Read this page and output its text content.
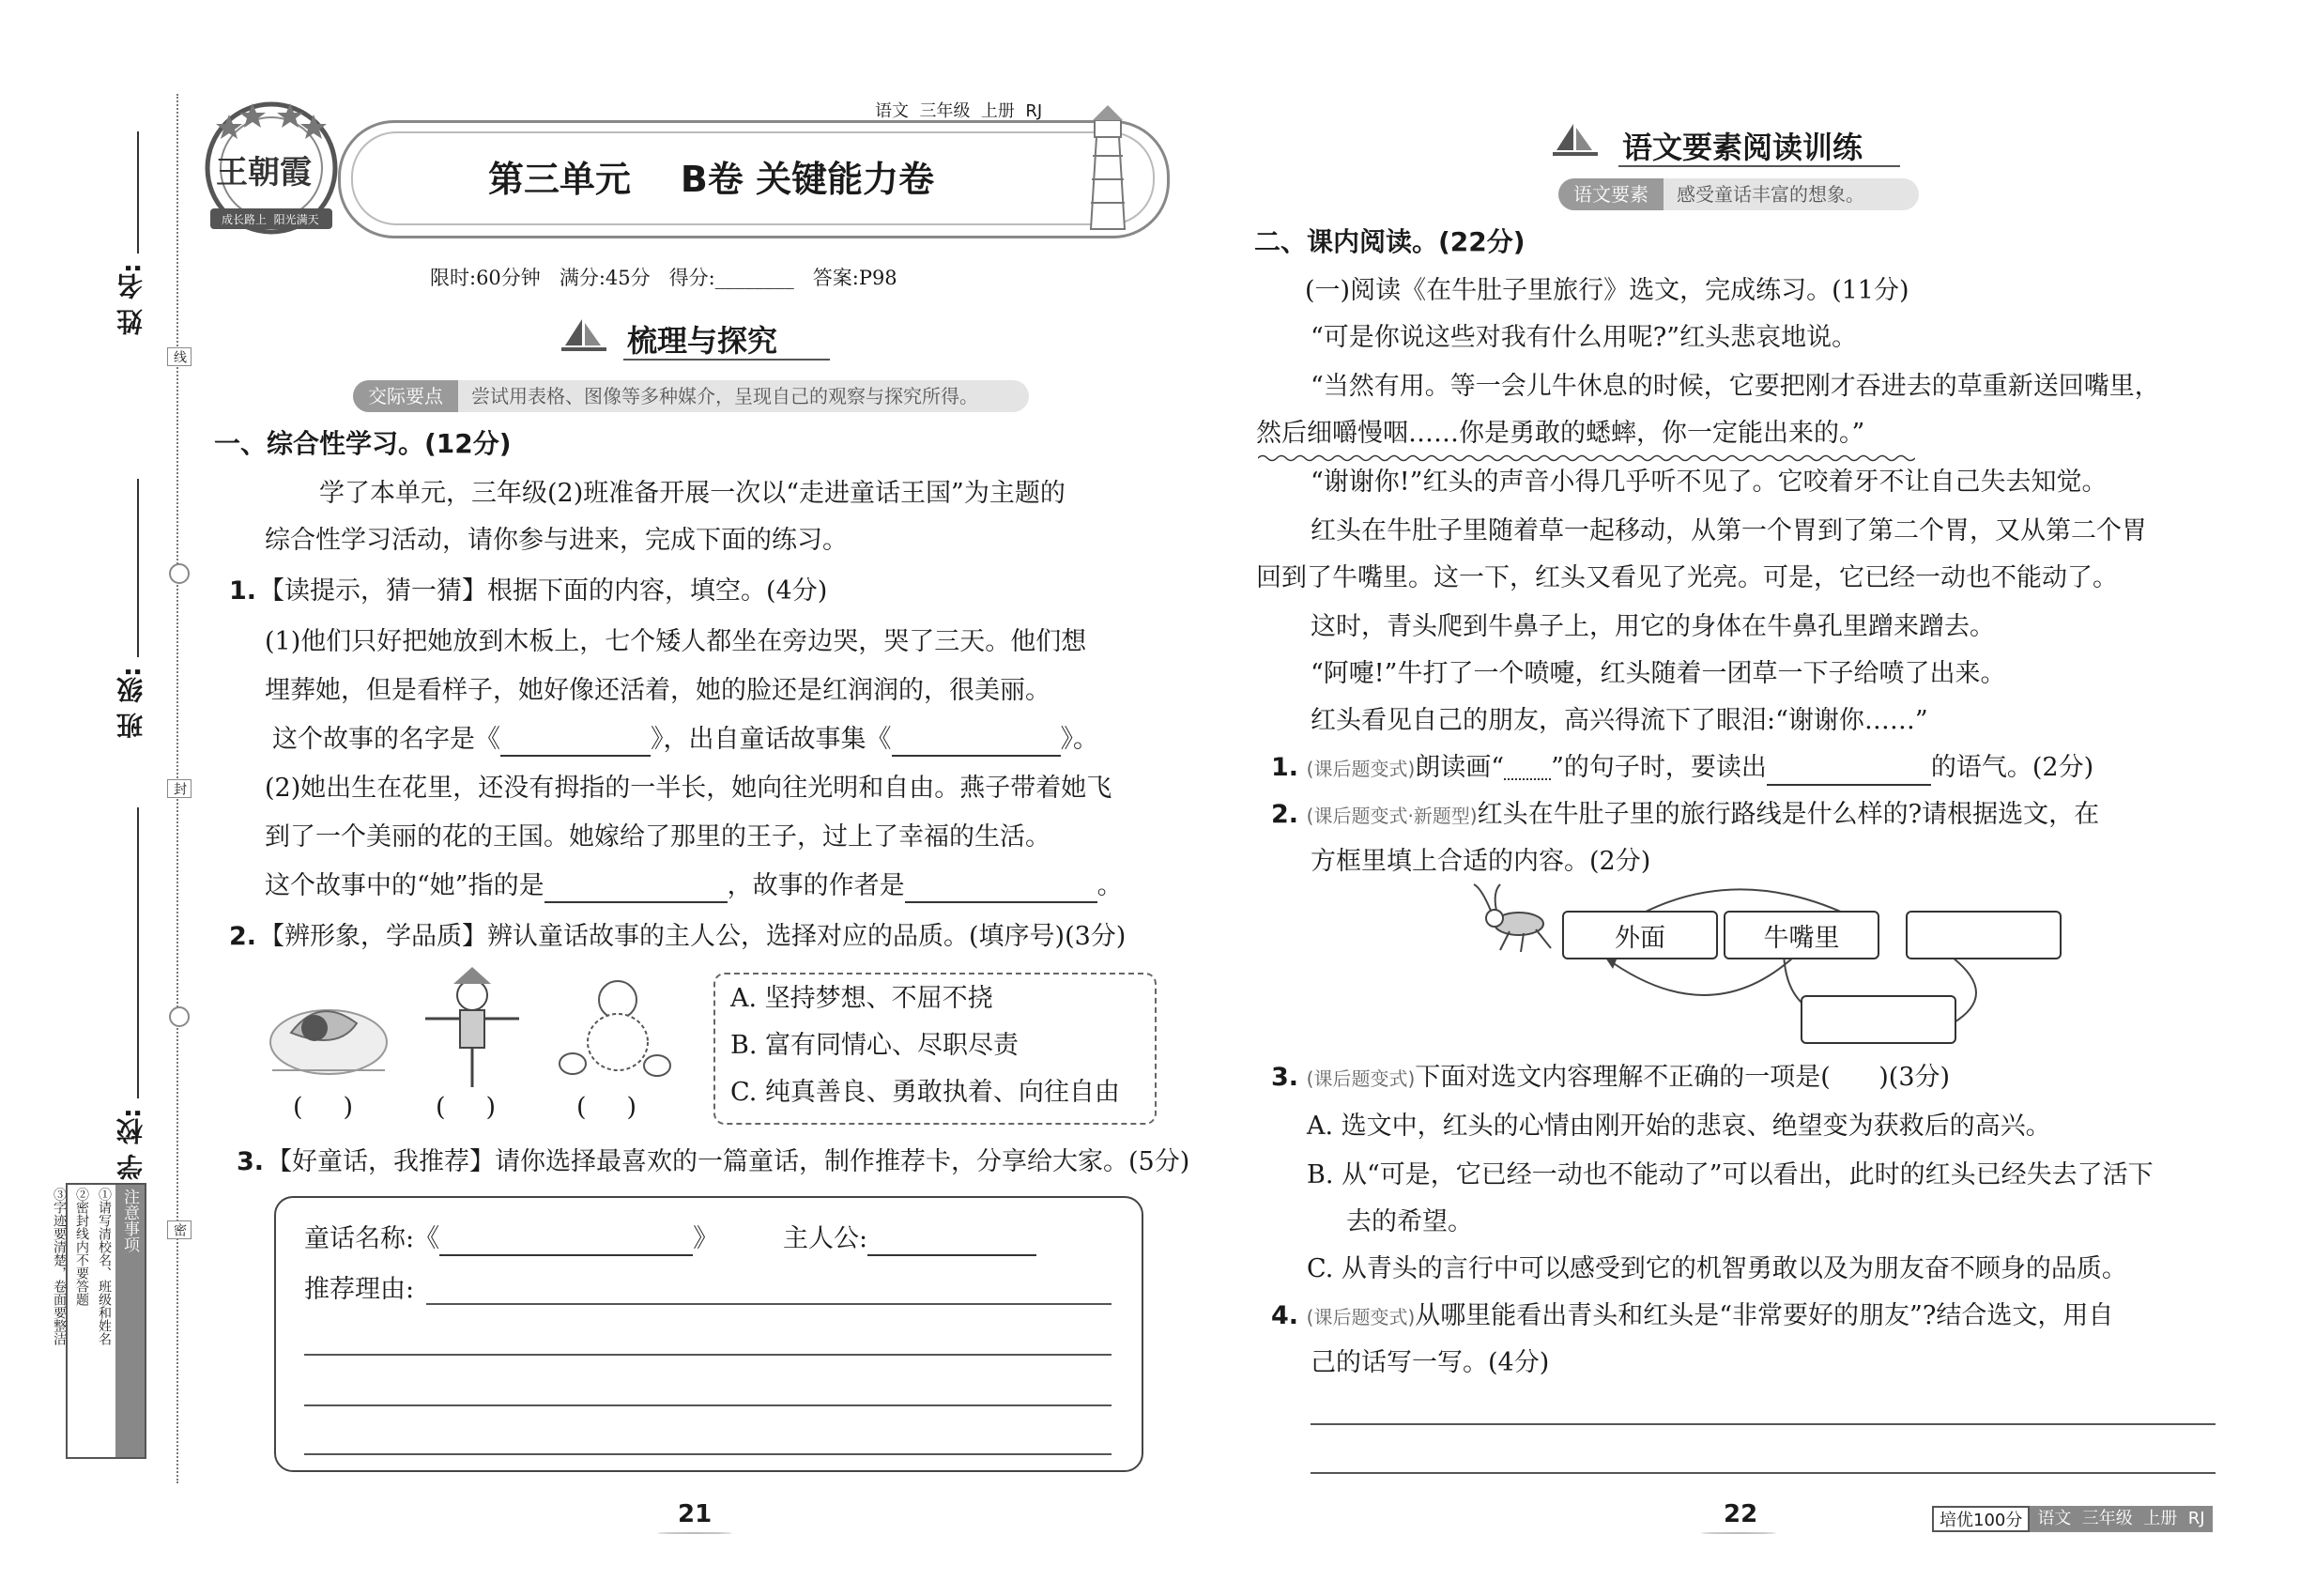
姓 名:
班 级:
学 校:
线
封
密
注意事项
①请写清校名、班级和姓名
②密封线内不要答题
③字迹要清楚，卷面要整洁
第三单元    B卷 关键能力卷
王朝霞
成长路上  阳光满天
语文  三年级  上册  RJ
限时:60分钟   满分:45分   得分:________   答案:P98
梳理与探究
交际要点	尝试用表格、图像等多种媒介，呈现自己的观察与探究所得。
一、综合性学习。(12分)
学了本单元，三年级(2)班准备开展一次以“走进童话王国”为主题的
综合性学习活动，请你参与进来，完成下面的练习。
1. 【读提示，猜一猜】根据下面的内容，填空。(4分)
(1)他们只好把她放到木板上，七个矮人都坐在旁边哭，哭了三天。他们想
埋葬她，但是看样子，她好像还活着，她的脸还是红润润的，很美丽。
这个故事的名字是《	》，出自童话故事集《	》。
(2)她出生在花里，还没有拇指的一半长，她向往光明和自由。燕子带着她飞
到了一个美丽的花的王国。她嫁给了那里的王子，过上了幸福的生活。
这个故事中的“她”指的是	，故事的作者是	。
2. 【辨形象，学品质】辨认童话故事的主人公，选择对应的品质。(填序号)(3分)
(     )	(     )	(     )
A. 坚持梦想、不屈不挠
B. 富有同情心、尽职尽责
C. 纯真善良、勇敢执着、向往自由
3. 【好童话，我推荐】请你选择最喜欢的一篇童话，制作推荐卡，分享给大家。(5分)
童话名称:《	》	主人公:
推荐理由:
21
语文要素阅读训练
语文要素	感受童话丰富的想象。
二、课内阅读。(22分)
(一)阅读《在牛肚子里旅行》选文，完成练习。(11分)
“可是你说这些对我有什么用呢?”红头悲哀地说。
“当然有用。等一会儿牛休息的时候，它要把刚才吞进去的草重新送回嘴里，
然后细嚼慢咽……你是勇敢的蟋蟀，你一定能出来的。”
“谢谢你!”红头的声音小得几乎听不见了。它咬着牙不让自己失去知觉。
红头在牛肚子里随着草一起移动，从第一个胃到了第二个胃，又从第二个胃
回到了牛嘴里。这一下，红头又看见了光亮。可是，它已经一动也不能动了。
这时，青头爬到牛鼻子上，用它的身体在牛鼻孔里蹭来蹭去。
“阿嚏!”牛打了一个喷嚏，红头随着一团草一下子给喷了出来。
红头看见自己的朋友，高兴得流下了眼泪:“谢谢你……”
1. (课后题变式)朗读画“ ”的句子时，要读出	的语气。(2分)
2. (课后题变式·新题型)红头在牛肚子里的旅行路线是什么样的?请根据选文，在
方框里填上合适的内容。(2分)
外面	牛嘴里
3. (课后题变式)下面对选文内容理解不正确的一项是(      )(3分)
A. 选文中，红头的心情由刚开始的悲哀、绝望变为获救后的高兴。
B. 从“可是，它已经一动也不能动了”可以看出，此时的红头已经失去了活下
去的希望。
C. 从青头的言行中可以感受到它的机智勇敢以及为朋友奋不顾身的品质。
4. (课后题变式)从哪里能看出青头和红头是“非常要好的朋友”?结合选文，用自
己的话写一写。(4分)
22	培优100分 语文  三年级  上册  RJ
